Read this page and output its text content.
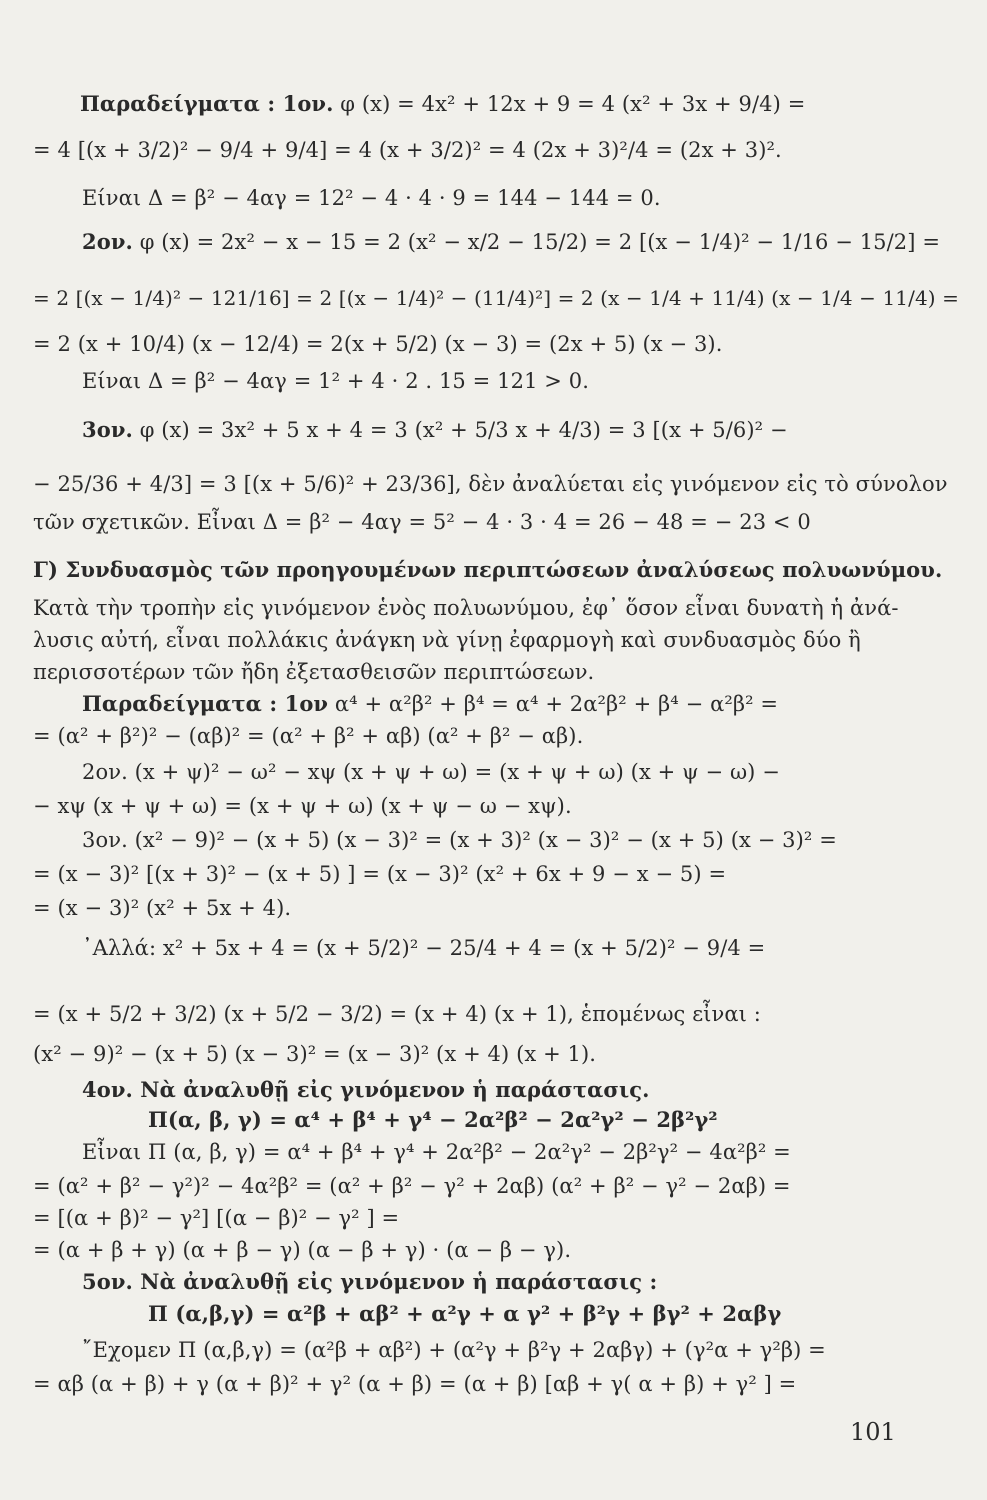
Παραδείγματα : 1ον. φ (x) = 4x² + 12x + 9 = 4 (x² + 3x + 9/4) =
= 4 [(x + 3/2)² − 9/4 + 9/4] = 4 (x + 3/2)² = 4 (2x + 3)²/4 = (2x + 3)².
Είναι Δ = β² − 4αγ = 12² − 4 · 4 · 9 = 144 − 144 = 0.
2ον. φ (x) = 2x² − x − 15 = 2 (x² − x/2 − 15/2) = 2 [(x − 1/4)² − 1/16 − 15/2] =
= 2 [(x − 1/4)² − 121/16] = 2 [(x − 1/4)² − (11/4)²] = 2 (x − 1/4 + 11/4) (x − 1/4 − 11/4) =
= 2 (x + 10/4) (x − 12/4) = 2(x + 5/2) (x − 3) = (2x + 5) (x − 3).
Είναι Δ = β² − 4αγ = 1² + 4 · 2 . 15 = 121 > 0.
3ον. φ (x) = 3x² + 5 x + 4 = 3 (x² + 5/3 x + 4/3) = 3 [(x + 5/6)² −
− 25/36 + 4/3] = 3 [(x + 5/6)² + 23/36], δὲν ἀναλύεται εἰς γινόμενον εἰς τὸ σύνολον
τῶν σχετικῶν. Εἶναι Δ = β² − 4αγ = 5² − 4 · 3 · 4 = 26 − 48 = − 23 < 0
Γ) Συνδυασμὸς τῶν προηγουμένων περιπτώσεων ἀναλύσεως πολυωνύμου.
Κατὰ τὴν τροπὴν εἰς γινόμενον ἑνὸς πολυωνύμου, ἐφ᾽ ὅσον εἶναι δυνατὴ ἡ ἀνά-
λυσις αὐτή, εἶναι πολλάκις ἀνάγκη νὰ γίνῃ ἐφαρμογὴ καὶ συνδυασμὸς δύο ἢ
περισσοτέρων τῶν ἤδη ἐξετασθεισῶν περιπτώσεων.
Παραδείγματα : 1ον α⁴ + α²β² + β⁴ = α⁴ + 2α²β² + β⁴ − α²β² =
= (α² + β²)² − (αβ)² = (α² + β² + αβ) (α² + β² − αβ).
2ον. (x + ψ)² − ω² − xψ (x + ψ + ω) = (x + ψ + ω) (x + ψ − ω) −
− xψ (x + ψ + ω) = (x + ψ + ω) (x + ψ − ω − xψ).
3ον. (x² − 9)² − (x + 5) (x − 3)² = (x + 3)² (x − 3)² − (x + 5) (x − 3)² =
= (x − 3)² [(x + 3)² − (x + 5) ] = (x − 3)² (x² + 6x + 9 − x − 5) =
= (x − 3)² (x² + 5x + 4).
᾽Αλλά: x² + 5x + 4 = (x + 5/2)² − 25/4 + 4 = (x + 5/2)² − 9/4 =
= (x + 5/2 + 3/2) (x + 5/2 − 3/2) = (x + 4) (x + 1), ἑπομένως εἶναι :
(x² − 9)² − (x + 5) (x − 3)² = (x − 3)² (x + 4) (x + 1).
4ον. Νὰ ἀναλυθῇ εἰς γινόμενον ἡ παράστασις.
Π(α, β, γ) = α⁴ + β⁴ + γ⁴ − 2α²β² − 2α²γ² − 2β²γ²
Εἶναι Π (α, β, γ) = α⁴ + β⁴ + γ⁴ + 2α²β² − 2α²γ² − 2β²γ² − 4α²β² =
= (α² + β² − γ²)² − 4α²β² = (α² + β² − γ² + 2αβ) (α² + β² − γ² − 2αβ) =
= [(α + β)² − γ²] [(α − β)² − γ² ] =
= (α + β + γ) (α + β − γ) (α − β + γ) · (α − β − γ).
5ον. Νὰ ἀναλυθῇ εἰς γινόμενον ἡ παράστασις :
Π (α,β,γ) = α²β + αβ² + α²γ + α γ² + β²γ + βγ² + 2αβγ
῎Εχομεν Π (α,β,γ) = (α²β + αβ²) + (α²γ + β²γ + 2αβγ) + (γ²α + γ²β) =
= αβ (α + β) + γ (α + β)² + γ² (α + β) = (α + β) [αβ + γ( α + β) + γ² ] =
101
